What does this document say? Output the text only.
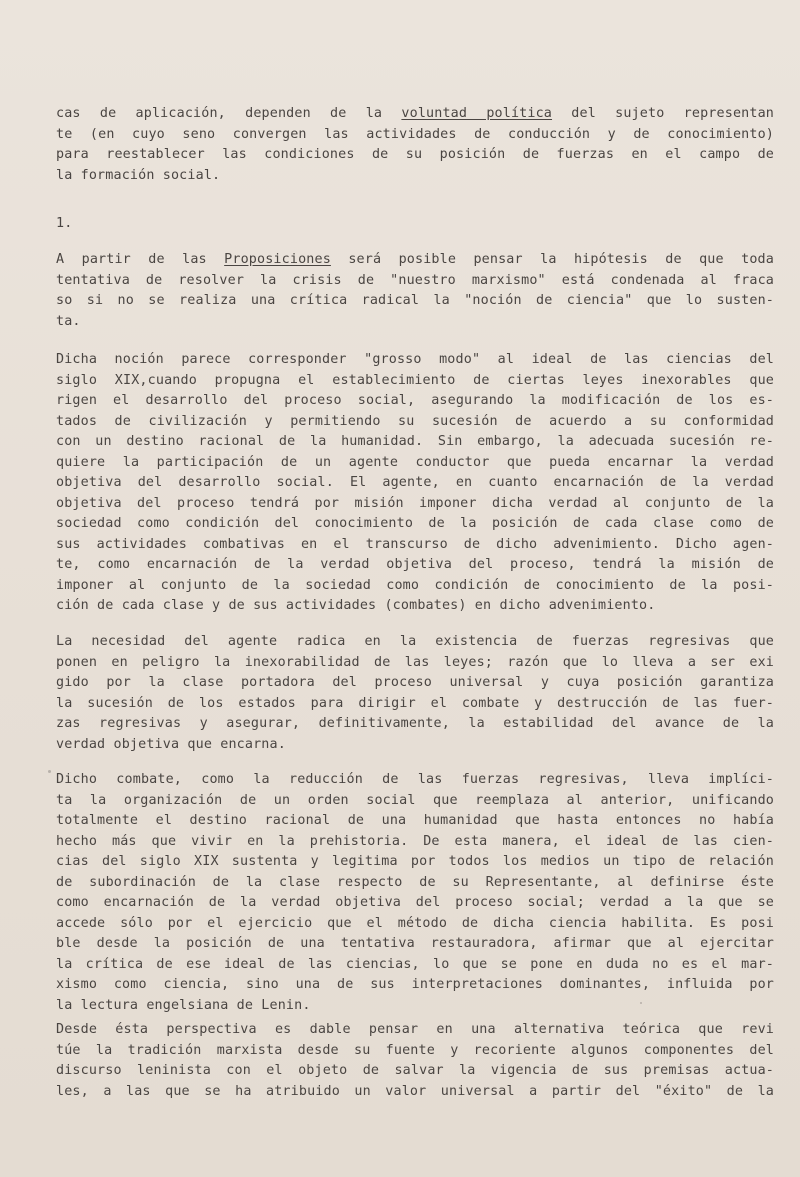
cas de aplicación, dependen de la voluntad política del sujeto representan
te (en cuyo seno convergen las actividades de conducción y de conocimiento)
para reestablecer las condiciones de su posición de fuerzas en el campo de
la formación social.
1.
A partir de las Proposiciones será posible pensar la hipótesis de que toda
tentativa de resolver la crisis de "nuestro marxismo" está condenada al fraca
so si no se realiza una crítica radical la "noción de ciencia" que lo susten-
ta.
Dicha noción parece corresponder "grosso modo" al ideal de las ciencias del
siglo XIX,cuando propugna el establecimiento de ciertas leyes inexorables que
rigen el desarrollo del proceso social, asegurando la modificación de los es-
tados de civilización y permitiendo su sucesión de acuerdo a su conformidad
con un destino racional de la humanidad. Sin embargo, la adecuada sucesión re-
quiere la participación de un agente conductor que pueda encarnar la verdad
objetiva del desarrollo social. El agente, en cuanto encarnación de la verdad
objetiva del proceso tendrá por misión imponer dicha verdad al conjunto de la
sociedad como condición del conocimiento de la posición de cada clase como de
sus actividades combativas en el transcurso de dicho advenimiento. Dicho agen-
te, como encarnación de la verdad objetiva del proceso, tendrá la misión de
imponer al conjunto de la sociedad como condición de conocimiento de la posi-
ción de cada clase y de sus actividades (combates) en dicho advenimiento.
La necesidad del agente radica en la existencia de fuerzas regresivas que
ponen en peligro la inexorabilidad de las leyes; razón que lo lleva a ser exi
gido por la clase portadora del proceso universal y cuya posición garantiza
la sucesión de los estados para dirigir el combate y destrucción de las fuer-
zas regresivas y asegurar, definitivamente, la estabilidad del avance de la
verdad objetiva que encarna.
Dicho combate, como la reducción de las fuerzas regresivas, lleva implíci-
ta la organización de un orden social que reemplaza al anterior, unificando
totalmente el destino racional de una humanidad que hasta entonces no había
hecho más que vivir en la prehistoria. De esta manera, el ideal de las cien-
cias del siglo XIX sustenta y legitima por todos los medios un tipo de relación
de subordinación de la clase respecto de su Representante, al definirse éste
como encarnación de la verdad objetiva del proceso social; verdad a la que se
accede sólo por el ejercicio que el método de dicha ciencia habilita. Es posi
ble desde la posición de una tentativa restauradora, afirmar que al ejercitar
la crítica de ese ideal de las ciencias, lo que se pone en duda no es el mar-
xismo como ciencia, sino una de sus interpretaciones dominantes, influida por
la lectura engelsiana de Lenin.
Desde ésta perspectiva es dable pensar en una alternativa teórica que revi
túe la tradición marxista desde su fuente y recoriente algunos componentes del
discurso leninista con el objeto de salvar la vigencia de sus premisas actua-
les, a las que se ha atribuido un valor universal a partir del "éxito" de la
